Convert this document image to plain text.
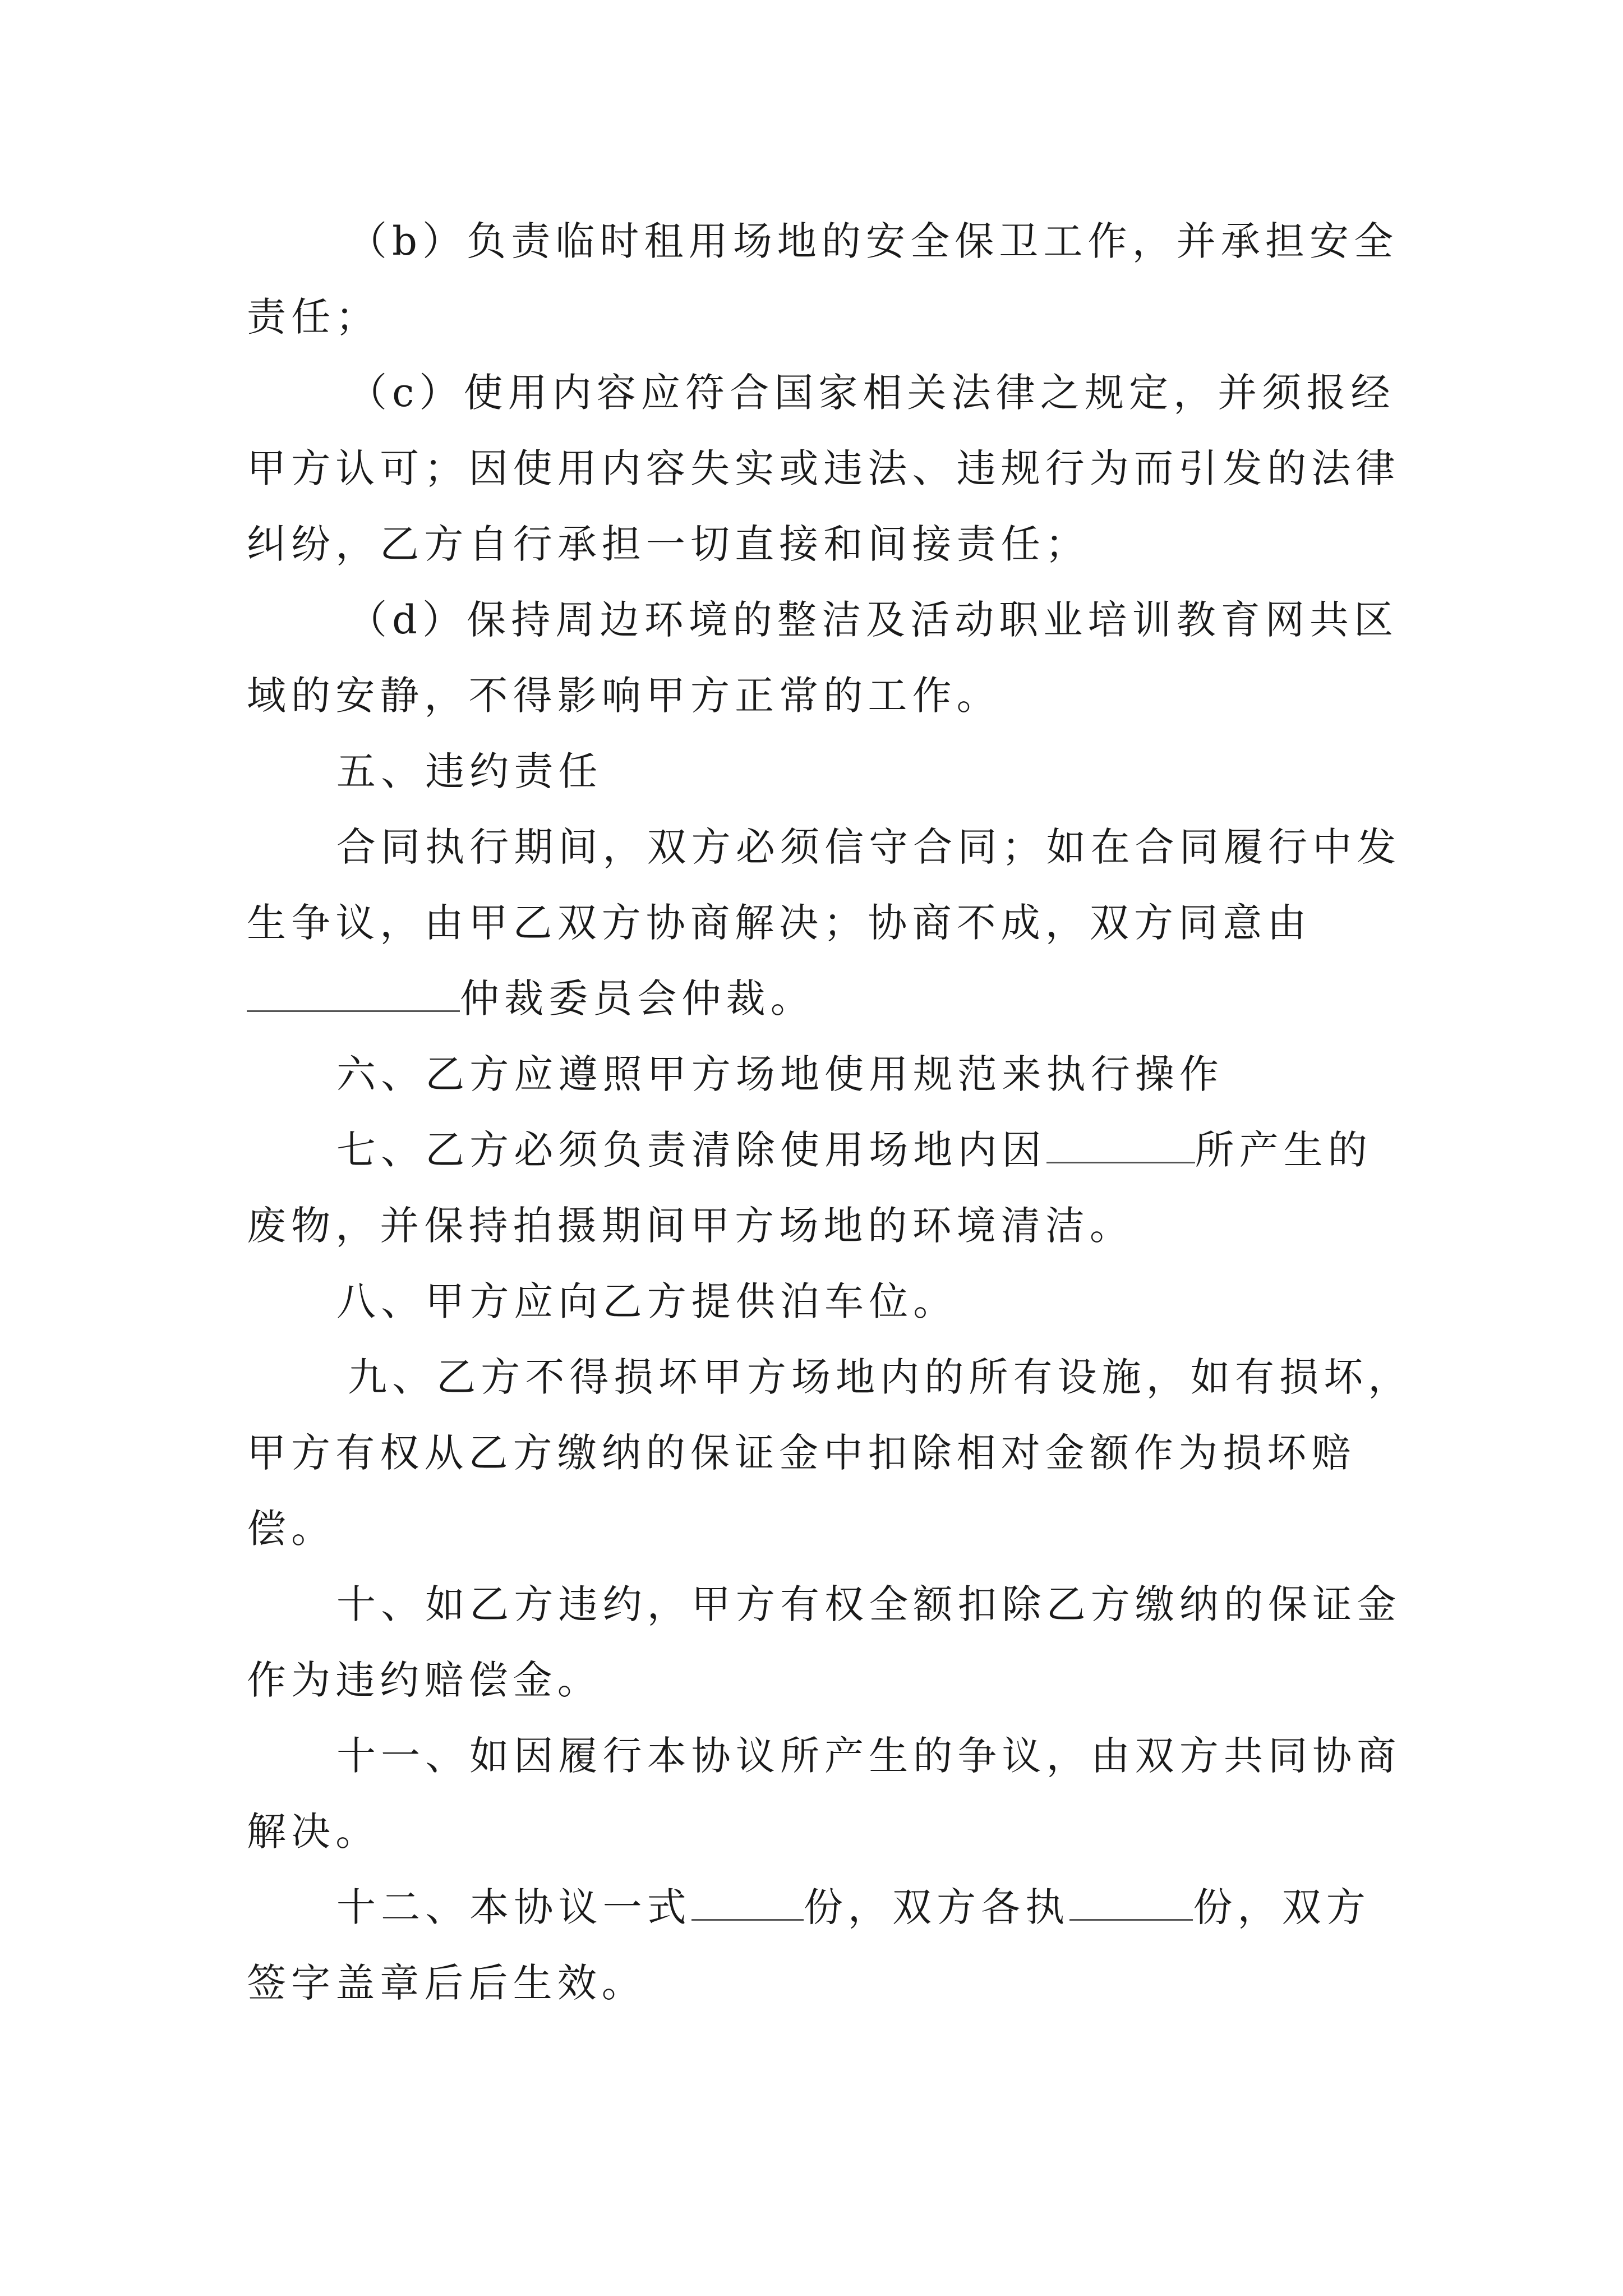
（b）负责临时租用场地的安全保卫工作，并承担安全
责任；
（c）使用内容应符合国家相关法律之规定，并须报经
甲方认可；因使用内容失实或违法、违规行为而引发的法律
纠纷，乙方自行承担一切直接和间接责任；
（d）保持周边环境的整洁及活动职业培训教育网共区
域的安静，不得影响甲方正常的工作。
五、违约责任
合同执行期间，双方必须信守合同；如在合同履行中发
生争议，由甲乙双方协商解决；协商不成，双方同意由
仲裁委员会仲裁。
六、乙方应遵照甲方场地使用规范来执行操作
七、乙方必须负责清除使用场地内因	所产生的
废物，并保持拍摄期间甲方场地的环境清洁。
八、甲方应向乙方提供泊车位。
九、乙方不得损坏甲方场地内的所有设施，如有损坏，
甲方有权从乙方缴纳的保证金中扣除相对金额作为损坏赔
偿。
十、如乙方违约，甲方有权全额扣除乙方缴纳的保证金
作为违约赔偿金。
十一、如因履行本协议所产生的争议，由双方共同协商
解决。
十二、本协议一式	份，双方各执	份，双方
签字盖章后后生效。
